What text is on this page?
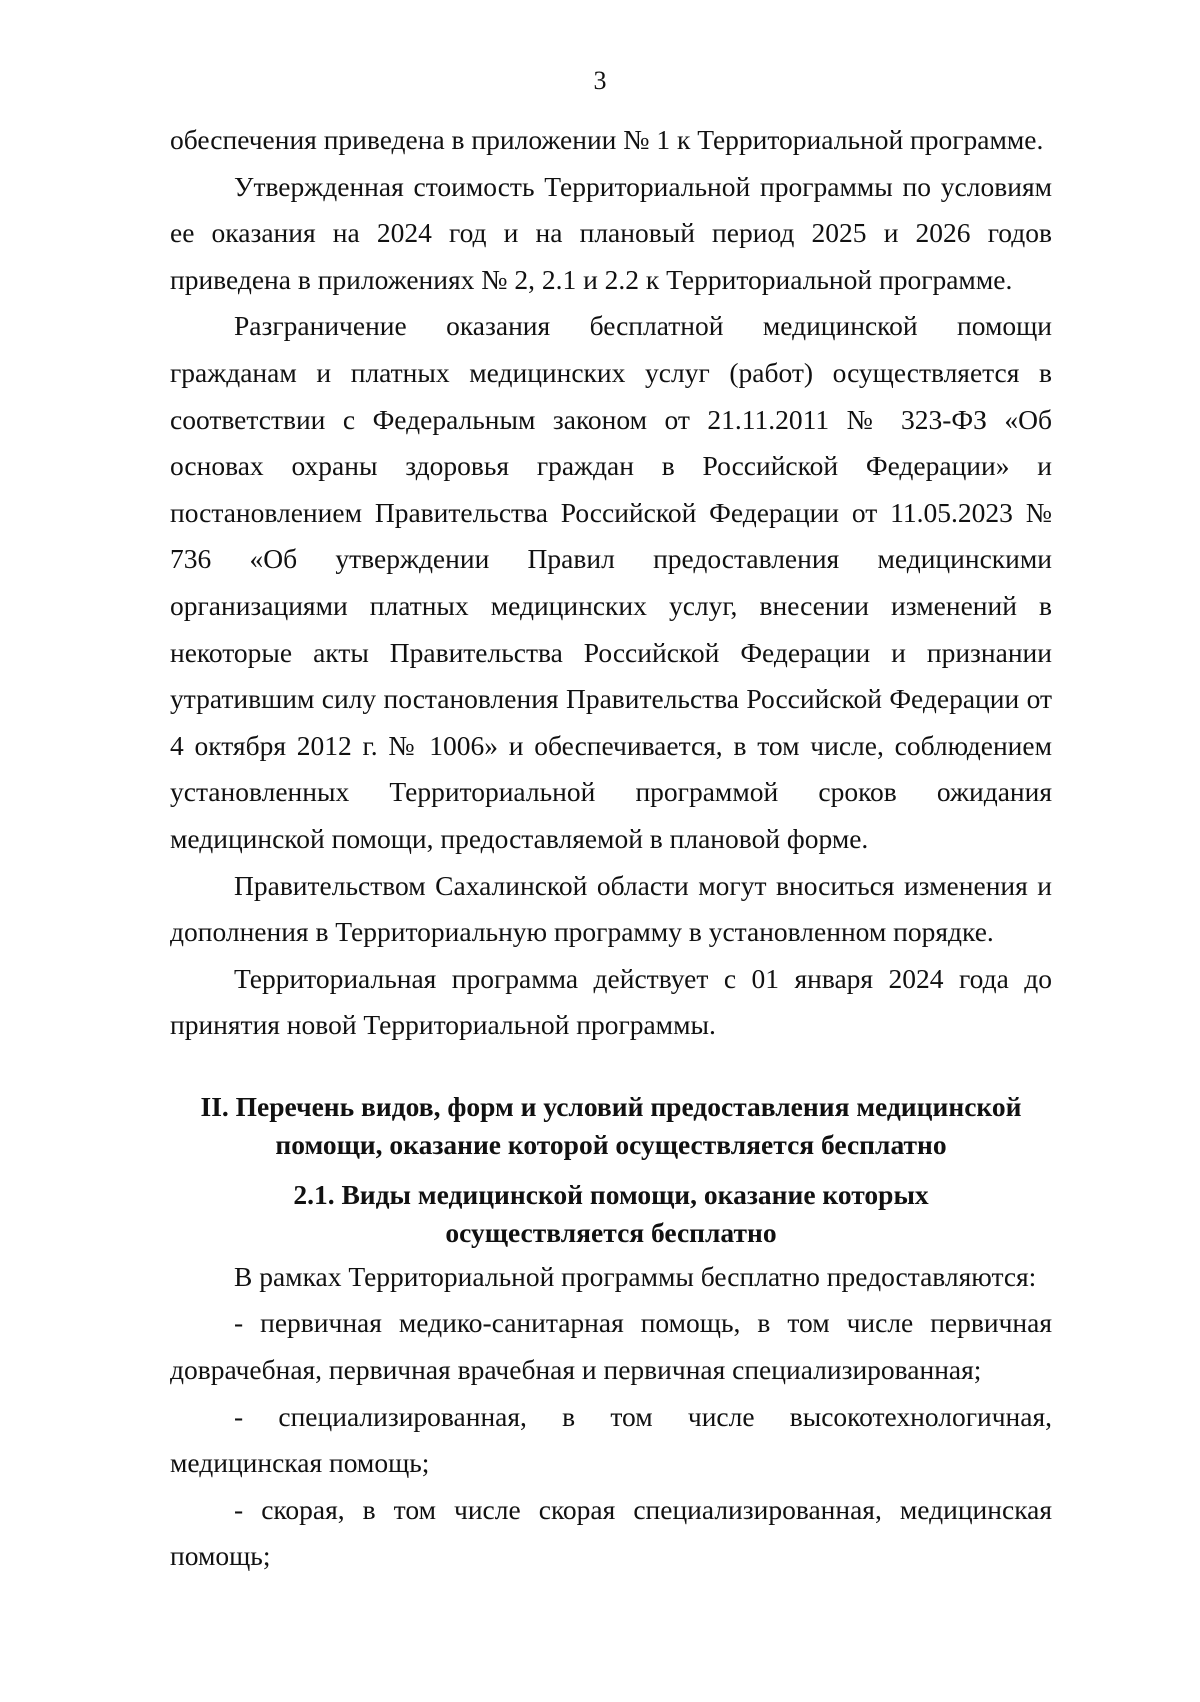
3

обеспечения приведена в приложении № 1 к Территориальной программе.

Утвержденная стоимость Территориальной программы по условиям ее оказания на 2024 год и на плановый период 2025 и 2026 годов приведена в приложениях № 2, 2.1 и 2.2 к Территориальной программе.

Разграничение оказания бесплатной медицинской помощи гражданам и платных медицинских услуг (работ) осуществляется в соответствии с Федеральным законом от 21.11.2011 № 323-ФЗ «Об основах охраны здоровья граждан в Российской Федерации» и постановлением Правительства Российской Федерации от 11.05.2023 № 736 «Об утверждении Правил предоставления медицинскими организациями платных медицинских услуг, внесении изменений в некоторые акты Правительства Российской Федерации и признании утратившим силу постановления Правительства Российской Федерации от 4 октября 2012 г. № 1006» и обеспечивается, в том числе, соблюдением установленных Территориальной программой сроков ожидания медицинской помощи, предоставляемой в плановой форме.

Правительством Сахалинской области могут вноситься изменения и дополнения в Территориальную программу в установленном порядке.

Территориальная программа действует с 01 января 2024 года до принятия новой Территориальной программы.

II. Перечень видов, форм и условий предоставления медицинской помощи, оказание которой осуществляется бесплатно

2.1. Виды медицинской помощи, оказание которых осуществляется бесплатно

В рамках Территориальной программы бесплатно предоставляются:

- первичная медико-санитарная помощь, в том числе первичная доврачебная, первичная врачебная и первичная специализированная;

- специализированная, в том числе высокотехнологичная, медицинская помощь;

- скорая, в том числе скорая специализированная, медицинская помощь;
